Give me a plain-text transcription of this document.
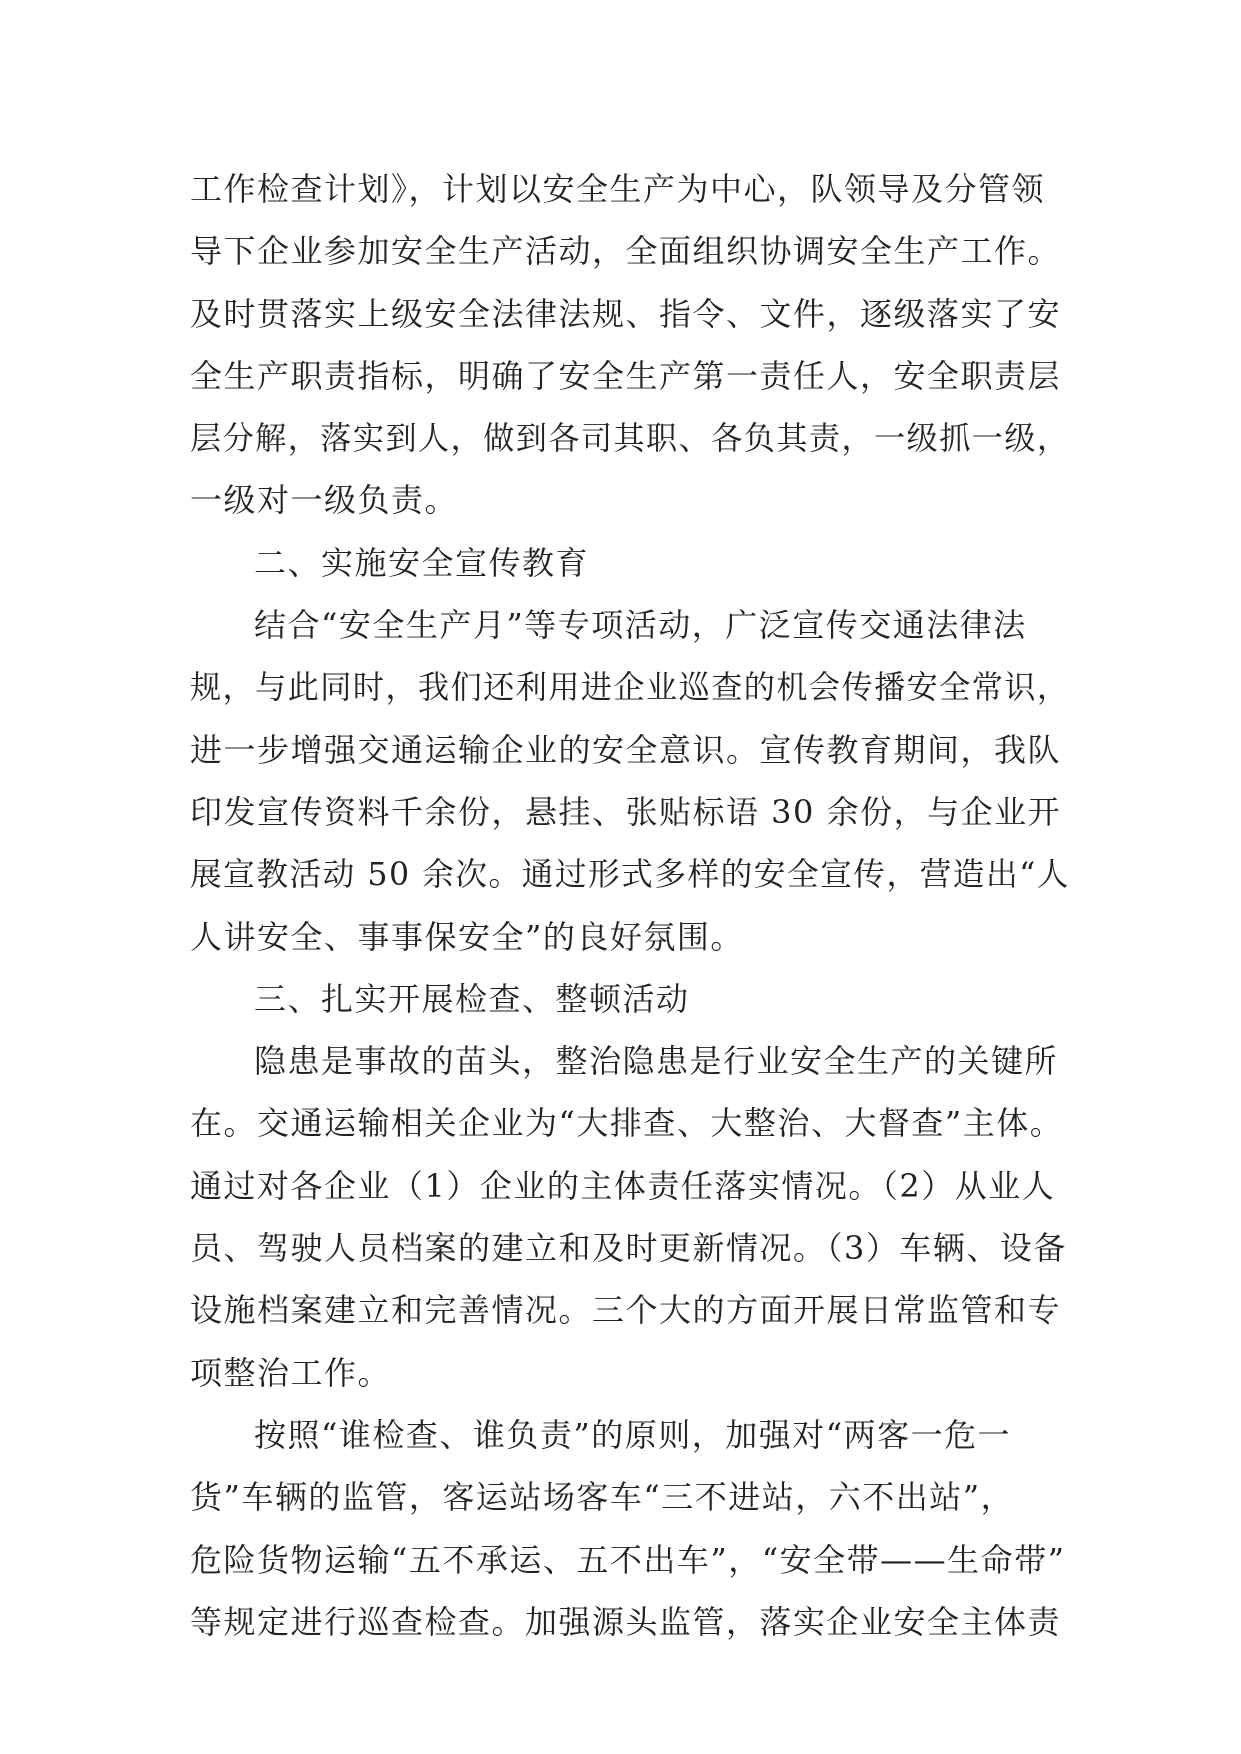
工作检查计划》，计划以安全生产为中心，队领导及分管领
导下企业参加安全生产活动，全面组织协调安全生产工作。
及时贯落实上级安全法律法规、指令、文件，逐级落实了安
全生产职责指标，明确了安全生产第一责任人，安全职责层
层分解，落实到人，做到各司其职、各负其责，一级抓一级，
一级对一级负责。
二、实施安全宣传教育
结合“安全生产月”等专项活动，广泛宣传交通法律法
规，与此同时，我们还利用进企业巡查的机会传播安全常识，
进一步增强交通运输企业的安全意识。宣传教育期间，我队
印发宣传资料千余份，悬挂、张贴标语 30 余份，与企业开
展宣教活动 50 余次。通过形式多样的安全宣传，营造出“人
人讲安全、事事保安全”的良好氛围。
三、扎实开展检查、整顿活动
隐患是事故的苗头，整治隐患是行业安全生产的关键所
在。交通运输相关企业为“大排查、大整治、大督查”主体。
通过对各企业（1）企业的主体责任落实情况。（2）从业人
员、驾驶人员档案的建立和及时更新情况。（3）车辆、设备
设施档案建立和完善情况。三个大的方面开展日常监管和专
项整治工作。
按照“谁检查、谁负责”的原则，加强对“两客一危一
货”车辆的监管，客运站场客车“三不进站，六不出站”，
危险货物运输“五不承运、五不出车”，“安全带——生命带”
等规定进行巡查检查。加强源头监管，落实企业安全主体责
